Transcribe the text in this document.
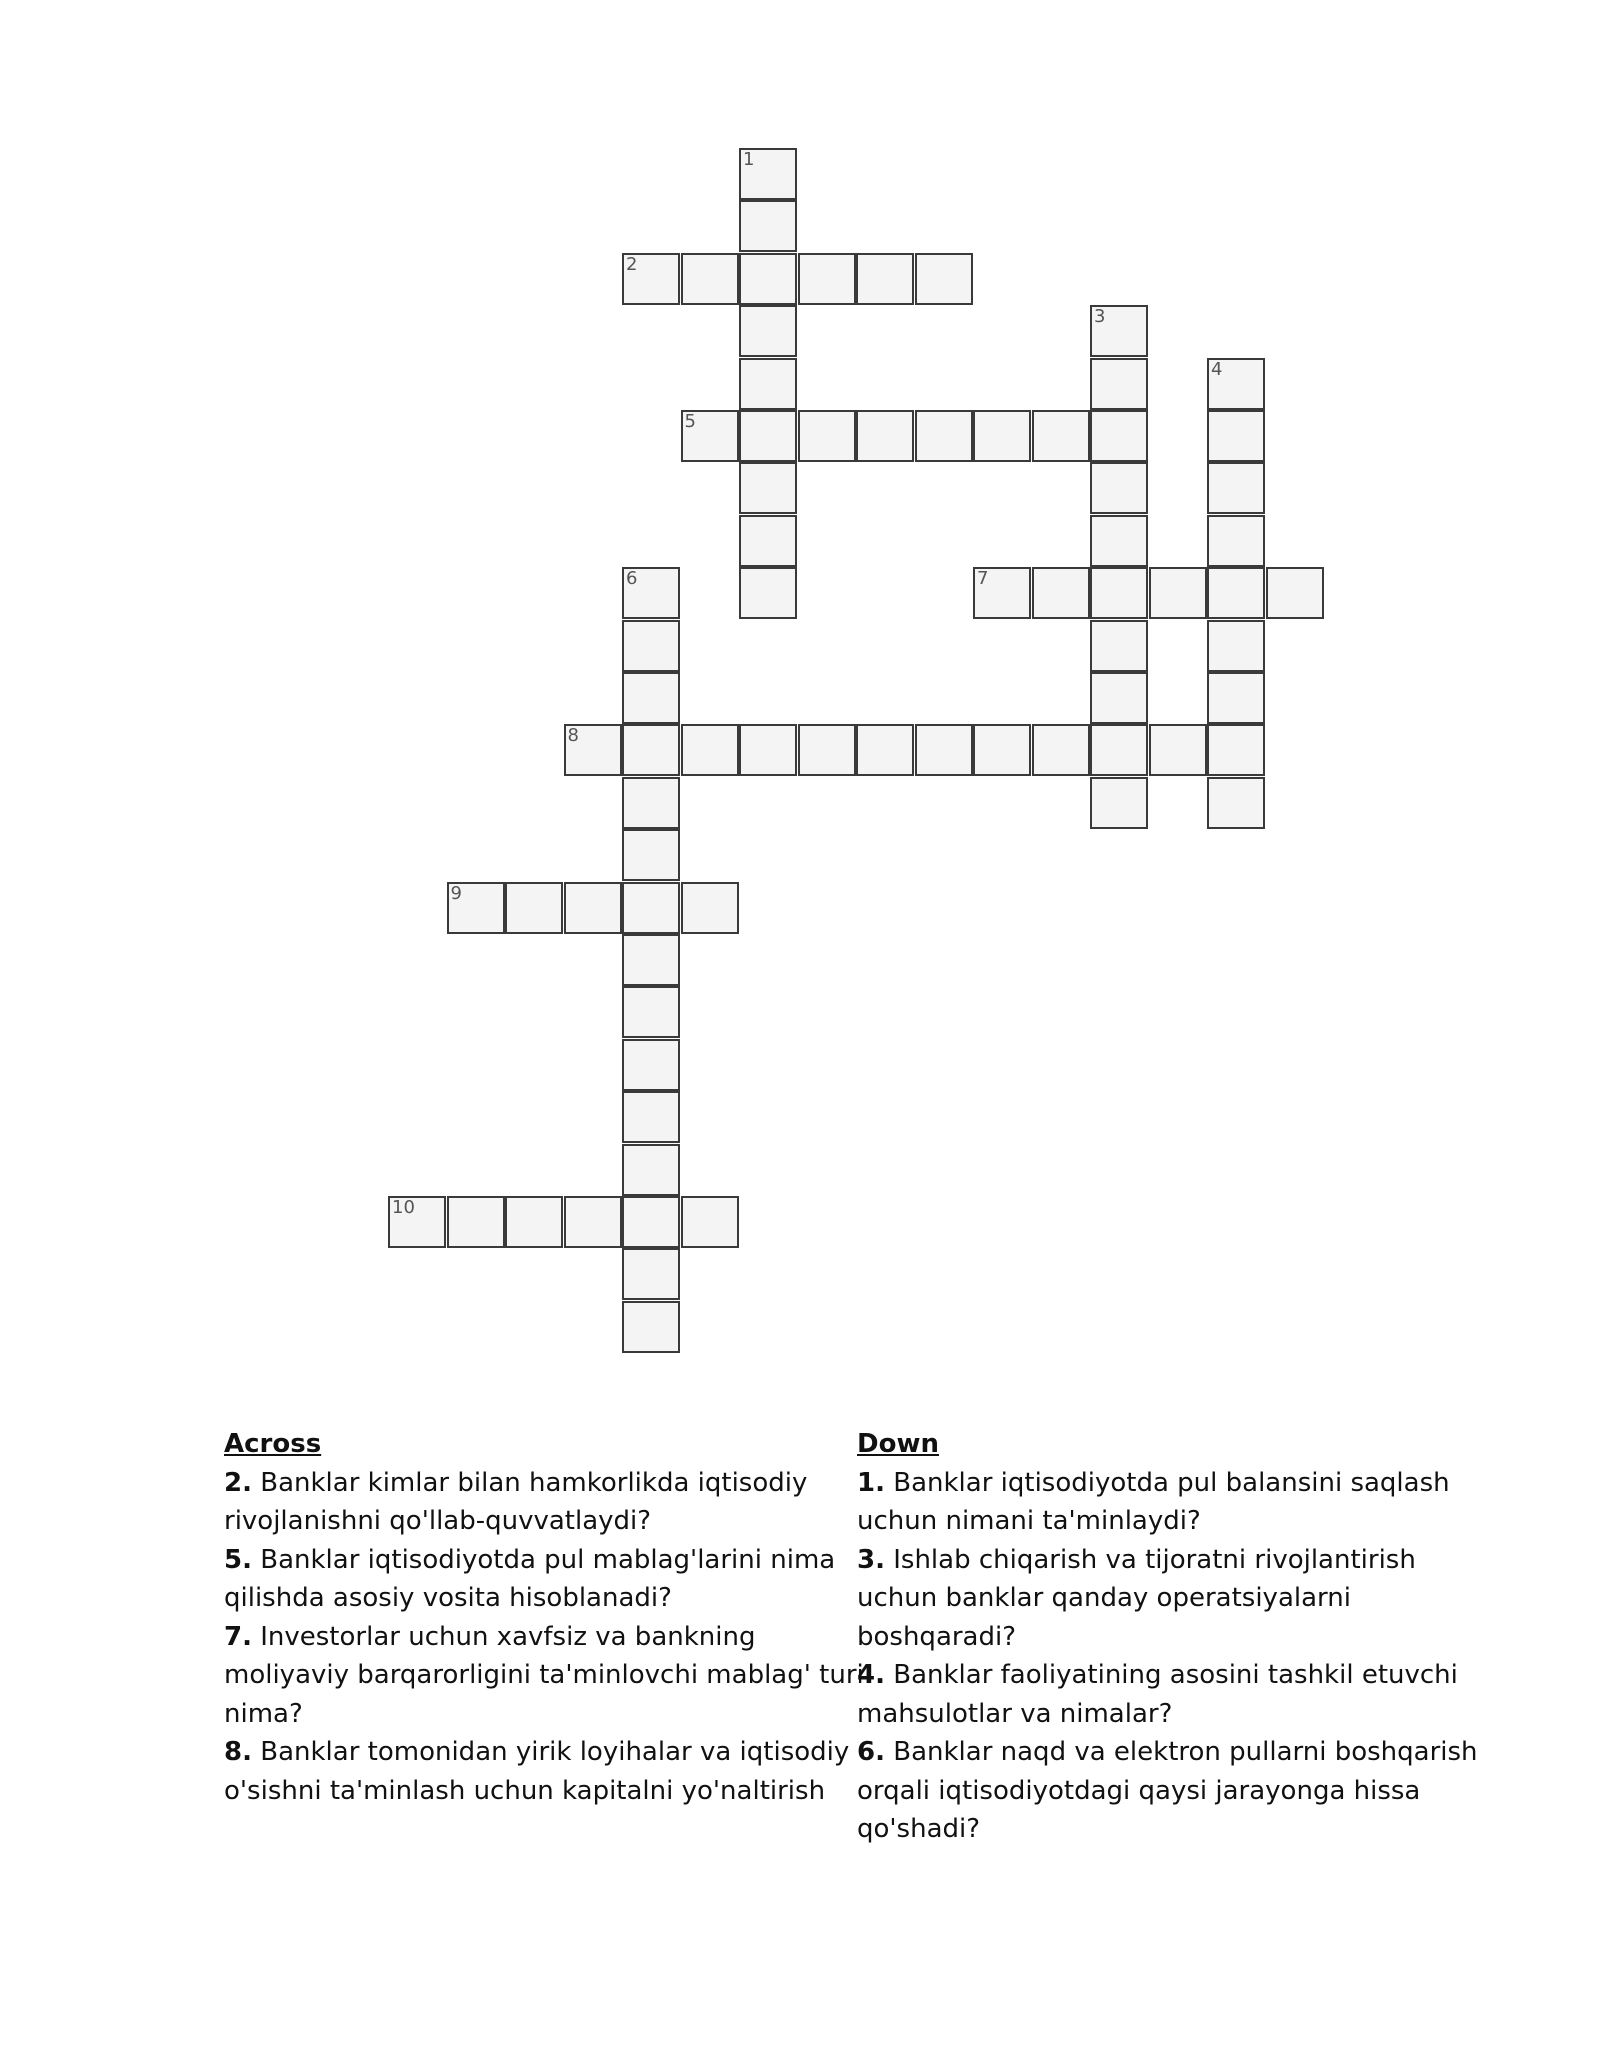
1
2
3
4
5
6	7
8
9
10
Across

2. Banklar kimlar bilan hamkorlikda iqtisodiy rivojlanishni qo'llab-quvvatlaydi?

5. Banklar iqtisodiyotda pul mablag'larini nima qilishda asosiy vosita hisoblanadi?

7. Investorlar uchun xavfsiz va bankning moliyaviy barqarorligini ta'minlovchi mablag' turi nima?

8. Banklar tomonidan yirik loyihalar va iqtisodiy o'sishni ta'minlash uchun kapitalni yo'naltirish

Down

1. Banklar iqtisodiyotda pul balansini saqlash uchun nimani ta'minlaydi?

3. Ishlab chiqarish va tijoratni rivojlantirish uchun banklar qanday operatsiyalarni boshqaradi?

4. Banklar faoliyatining asosini tashkil etuvchi mahsulotlar va nimalar?

6. Banklar naqd va elektron pullarni boshqarish orqali iqtisodiyotdagi qaysi jarayonga hissa qo'shadi?
